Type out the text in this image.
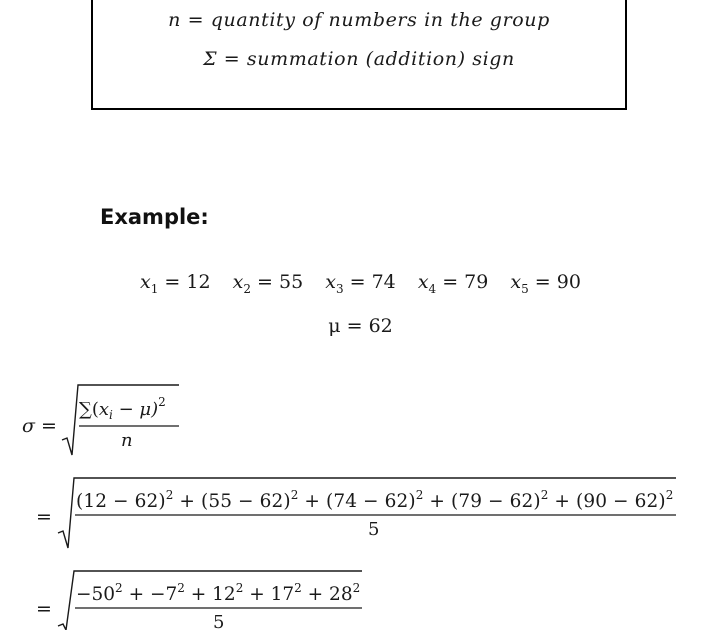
n = quantity of numbers in the group
Σ = summation (addition) sign
Example:
$x_1 = 12$ $x_2 = 55$ $x_3 = 74$ $x_4 = 79$ $x_5 = 90$
μ = 62
σ =
$\sum(x_i - \mu)^2$
n
=
$(12 - 62)^2 + (55 - 62)^2 + (74 - 62)^2 + (79 - 62)^2 + (90 - 62)^2$
5
=
$-50^2 + -7^2 + 12^2 + 17^2 + 28^2$
5
